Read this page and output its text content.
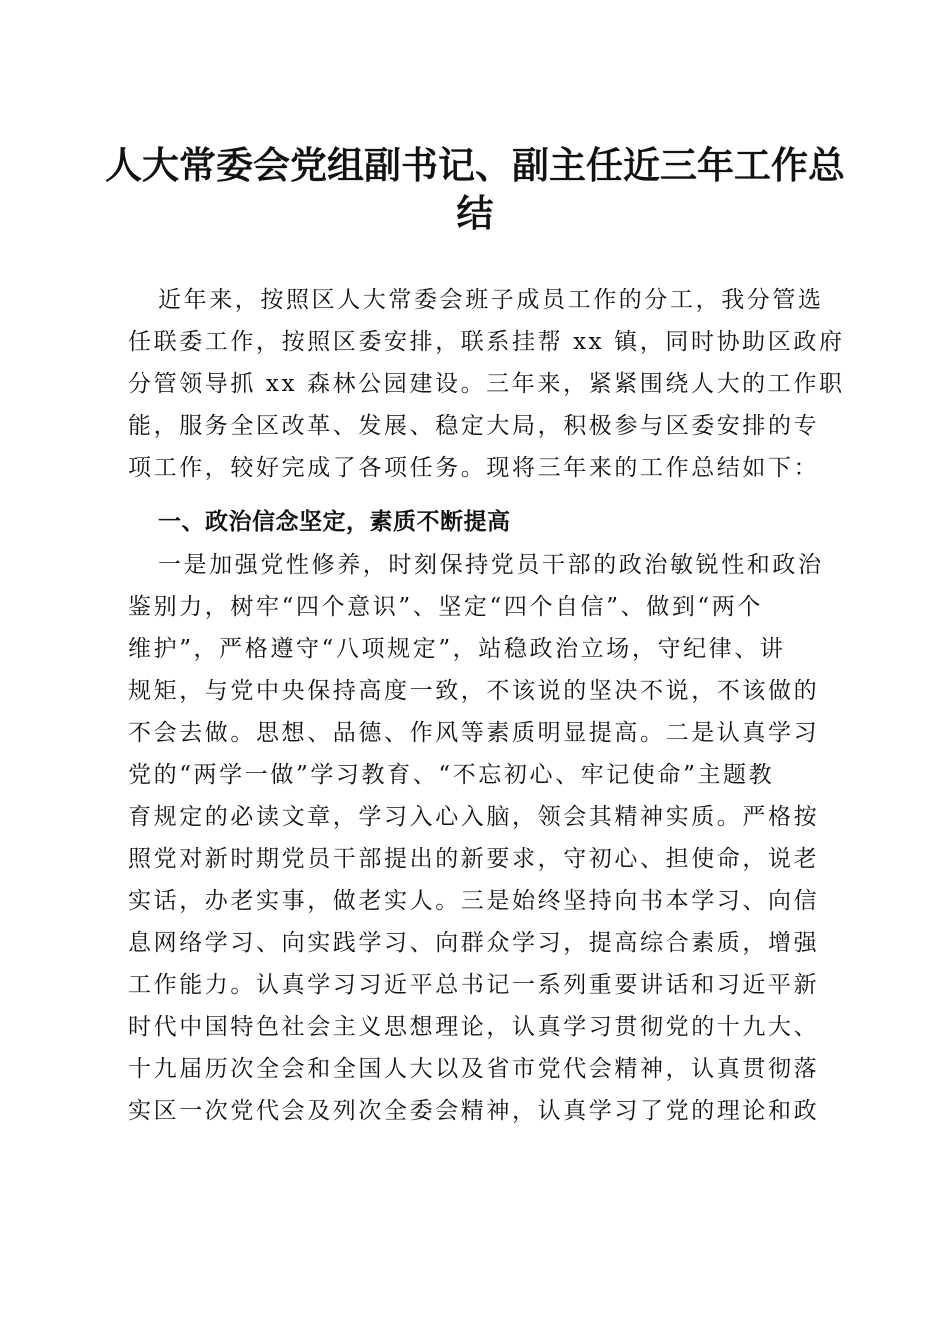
人大常委会党组副书记、副主任近三年工作总
结

近年来，按照区人大常委会班子成员工作的分工，我分管选

任联委工作，按照区委安排，联系挂帮 xx 镇，同时协助区政府

分管领导抓 xx 森林公园建设。三年来，紧紧围绕人大的工作职

能，服务全区改革、发展、稳定大局，积极参与区委安排的专

项工作，较好完成了各项任务。现将三年来的工作总结如下：

一、政治信念坚定，素质不断提高

一是加强党性修养，时刻保持党员干部的政治敏锐性和政治

鉴别力，树牢“四个意识”、坚定“四个自信”、做到“两个

维护”，严格遵守“八项规定”，站稳政治立场，守纪律、讲

规矩，与党中央保持高度一致，不该说的坚决不说，不该做的

不会去做。思想、品德、作风等素质明显提高。二是认真学习

党的“两学一做”学习教育、“不忘初心、牢记使命”主题教

育规定的必读文章，学习入心入脑，领会其精神实质。严格按

照党对新时期党员干部提出的新要求，守初心、担使命，说老

实话，办老实事，做老实人。三是始终坚持向书本学习、向信

息网络学习、向实践学习、向群众学习，提高综合素质，增强

工作能力。认真学习习近平总书记一系列重要讲话和习近平新

时代中国特色社会主义思想理论，认真学习贯彻党的十九大、

十九届历次全会和全国人大以及省市党代会精神，认真贯彻落

实区一次党代会及列次全委会精神，认真学习了党的理论和政
